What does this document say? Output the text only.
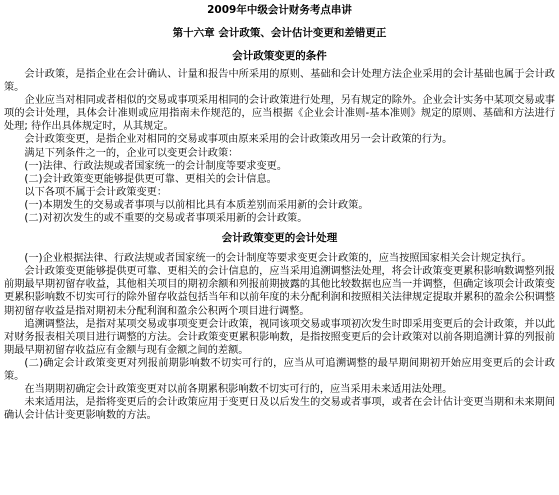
2009年中级会计财务考点串讲
第十六章 会计政策、会计估计变更和差错更正
会计政策变更的条件

会计政策，是指企业在会计确认、计量和报告中所采用的原则、基础和会计处理方法企业采用的会计基础也属于会计政策。

企业应当对相同或者相似的交易或事项采用相同的会计政策进行处理，另有规定的除外。企业会计实务中某项交易或事项的会计处理，具体会计准则或应用指南未作规范的，应当根据《企业会计准则-基本准则》规定的原则、基础和方法进行处理; 待作出具体规定时，从其规定。

会计政策变更，是指企业对相同的交易或事项由原来采用的会计政策改用另一会计政策的行为。

满足下列条件之一的，企业可以变更会计政策：

(一)法律、行政法规或者国家统一的会计制度等要求变更。

(二)会计政策变更能够提供更可靠、更相关的会计信息。

以下各项不属于会计政策变更：

(一)本期发生的交易或者事项与以前相比具有本质差别而采用新的会计政策。

(二)对初次发生的或不重要的交易或者事项采用新的会计政策。

会计政策变更的会计处理

(一)企业根据法律、行政法规或者国家统一的会计制度等要求变更会计政策的，应当按照国家相关会计规定执行。

会计政策变更能够提供更可靠、更相关的会计信息的，应当采用追溯调整法处理，将会计政策变更累积影响数调整列报前期最早期初留存收益，其他相关项目的期初余额和列报前期披露的其他比较数据也应当一并调整，但确定该项会计政策变更累积影响数不切实可行的除外留存收益包括当年和以前年度的未分配利润和按照相关法律规定提取并累积的盈余公积调整期初留存收益是指对期初未分配利润和盈余公积两个项目进行调整。

追溯调整法，是指对某项交易或事项变更会计政策，视同该项交易或事项初次发生时即采用变更后的会计政策，并以此对财务报表相关项目进行调整的方法。会计政策变更累积影响数，是指按照变更后的会计政策对以前各期追溯计算的列报前期最早期初留存收益应有金额与现有金额之间的差额。

(二)确定会计政策变更对列报前期影响数不切实可行的，应当从可追溯调整的最早期间期初开始应用变更后的会计政策。

在当期期初确定会计政策变更对以前各期累积影响数不切实可行的，应当采用未来适用法处理。

未来适用法，是指将变更后的会计政策应用于变更日及以后发生的交易或者事项，或者在会计估计变更当期和未来期间确认会计估计变更影响数的方法。
